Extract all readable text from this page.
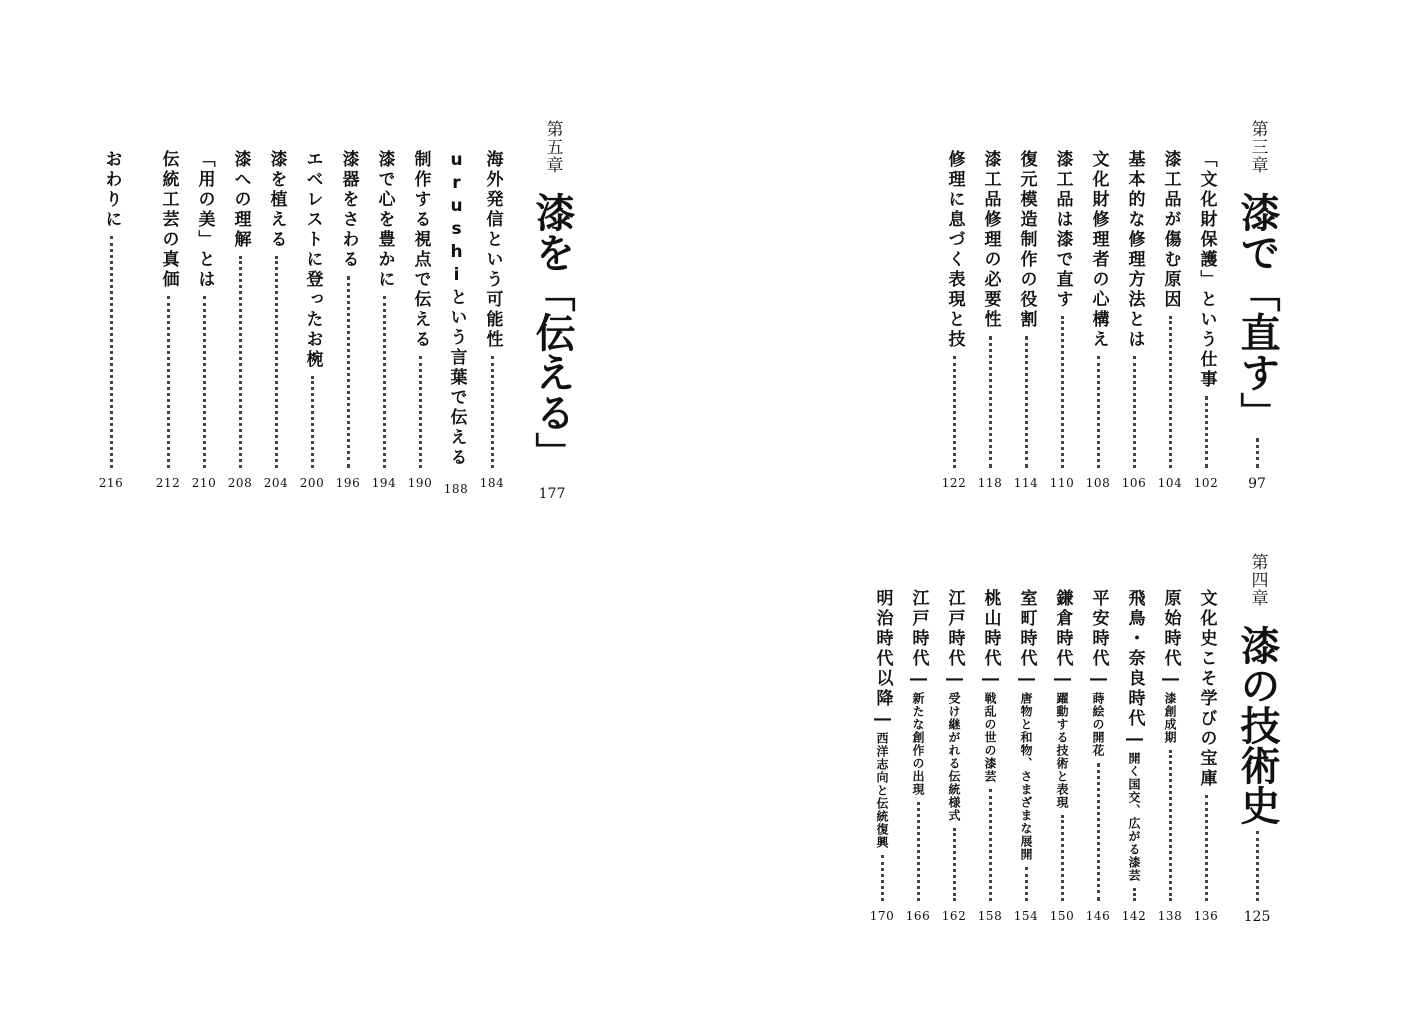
第五章
漆を「伝える」
177
海外発信という可能性
184
urushiという言葉で伝える
188
制作する視点で伝える
190
漆で心を豊かに
194
漆器をさわる
196
エベレストに登ったお椀
200
漆を植える
204
漆への理解
208
「用の美」とは
210
伝統工芸の真価
212
おわりに
216
第三章
漆で「直す」
97
「文化財保護」という仕事
102
漆工品が傷む原因
104
基本的な修理方法とは
106
文化財修理者の心構え
108
漆工品は漆で直す
110
復元模造制作の役割
114
漆工品修理の必要性
118
修理に息づく表現と技
122
第四章
漆の技術史
125
文化史こそ学びの宝庫
136
原始時代―
漆創成期
138
飛鳥・奈良時代―
開く国交、広がる漆芸
142
平安時代―
蒔絵の開花
146
鎌倉時代―
躍動する技術と表現
150
室町時代―
唐物と和物、さまざまな展開
154
桃山時代―
戦乱の世の漆芸
158
江戸時代―
受け継がれる伝統様式
162
江戸時代―
新たな創作の出現
166
明治時代以降―
西洋志向と伝統復興
170
